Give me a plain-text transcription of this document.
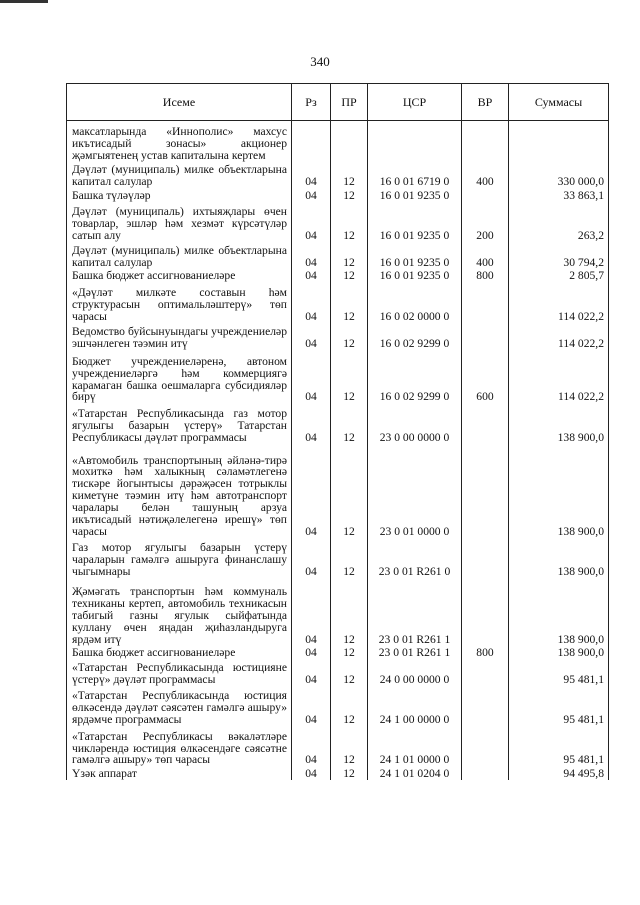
340
Исеме	Рз	ПР	ЦСР	ВР	Суммасы
максатларында «Иннополис» махсус икътисадый зонасы» акционер җәмгыятенең устав капиталына кертем					
Дәүләт (муниципаль) милке объектларына капитал салулар	04	12	16 0 01 6719 0	400	330 000,0
Башка түләүләр	04	12	16 0 01 9235 0		33 863,1
Дәүләт (муниципаль) ихтыяҗлары өчен товарлар, эшләр һәм хезмәт күрсәтүләр сатып алу	04	12	16 0 01 9235 0	200	263,2
Дәүләт (муниципаль) милке объектларына капитал салулар	04	12	16 0 01 9235 0	400	30 794,2
Башка бюджет ассигнованиеләре	04	12	16 0 01 9235 0	800	2 805,7
«Дәүләт милкәте составын һәм структурасын оптимальләштерү» төп чарасы	04	12	16 0 02 0000 0		114 022,2
Ведомство буйсынуындагы учреждениеләр эшчәнлеген тәэмин итү	04	12	16 0 02 9299 0		114 022,2
Бюджет учреждениеләренә, автоном учреждениеләргә һәм коммерциягә карамаган башка оешмаларга субсидияләр бирү	04	12	16 0 02 9299 0	600	114 022,2
«Татарстан Республикасында газ мотор ягулыгы базарын үстерү» Татарстан Республикасы дәүләт программасы	04	12	23 0 00 0000 0		138 900,0
«Автомобиль транспортының әйләнә-тирә мохиткә һәм халыкның сәламәтлегенә тискәре йогынтысы дәрәҗәсен тотрыклы киметүне тәэмин итү һәм автотранспорт чаралары белән ташуның арзуа икътисадый нәтиҗәлелегенә ирешү» төп чарасы	04	12	23 0 01 0000 0		138 900,0
Газ мотор ягулыгы базарын үстерү чараларын гамәлгә ашыруга финанслашу чыгымнары	04	12	23 0 01 R261 0		138 900,0
Җәмәгать транспортын һәм коммуналь техниканы кертеп, автомобиль техникасын табигый газны ягулык сыйфатында куллану өчен яңадан җиһазландыруга ярдәм итү	04	12	23 0 01 R261 1		138 900,0
Башка бюджет ассигнованиеләре	04	12	23 0 01 R261 1	800	138 900,0
«Татарстан Республикасында юстициянe үстерү» дәүләт программасы	04	12	24 0 00 0000 0		95 481,1
«Татарстан Республикасында юстиция өлкәсендә дәүләт сәясәтен гамәлгә ашыру» ярдәмче программасы	04	12	24 1 00 0000 0		95 481,1
«Татарстан Республикасы вәкаләтләре чикләрендә юстиция өлкәсендәге сәясәтне гамәлгә ашыру» төп чарасы	04	12	24 1 01 0000 0		95 481,1
Үзәк аппарат	04	12	24 1 01 0204 0		94 495,8
